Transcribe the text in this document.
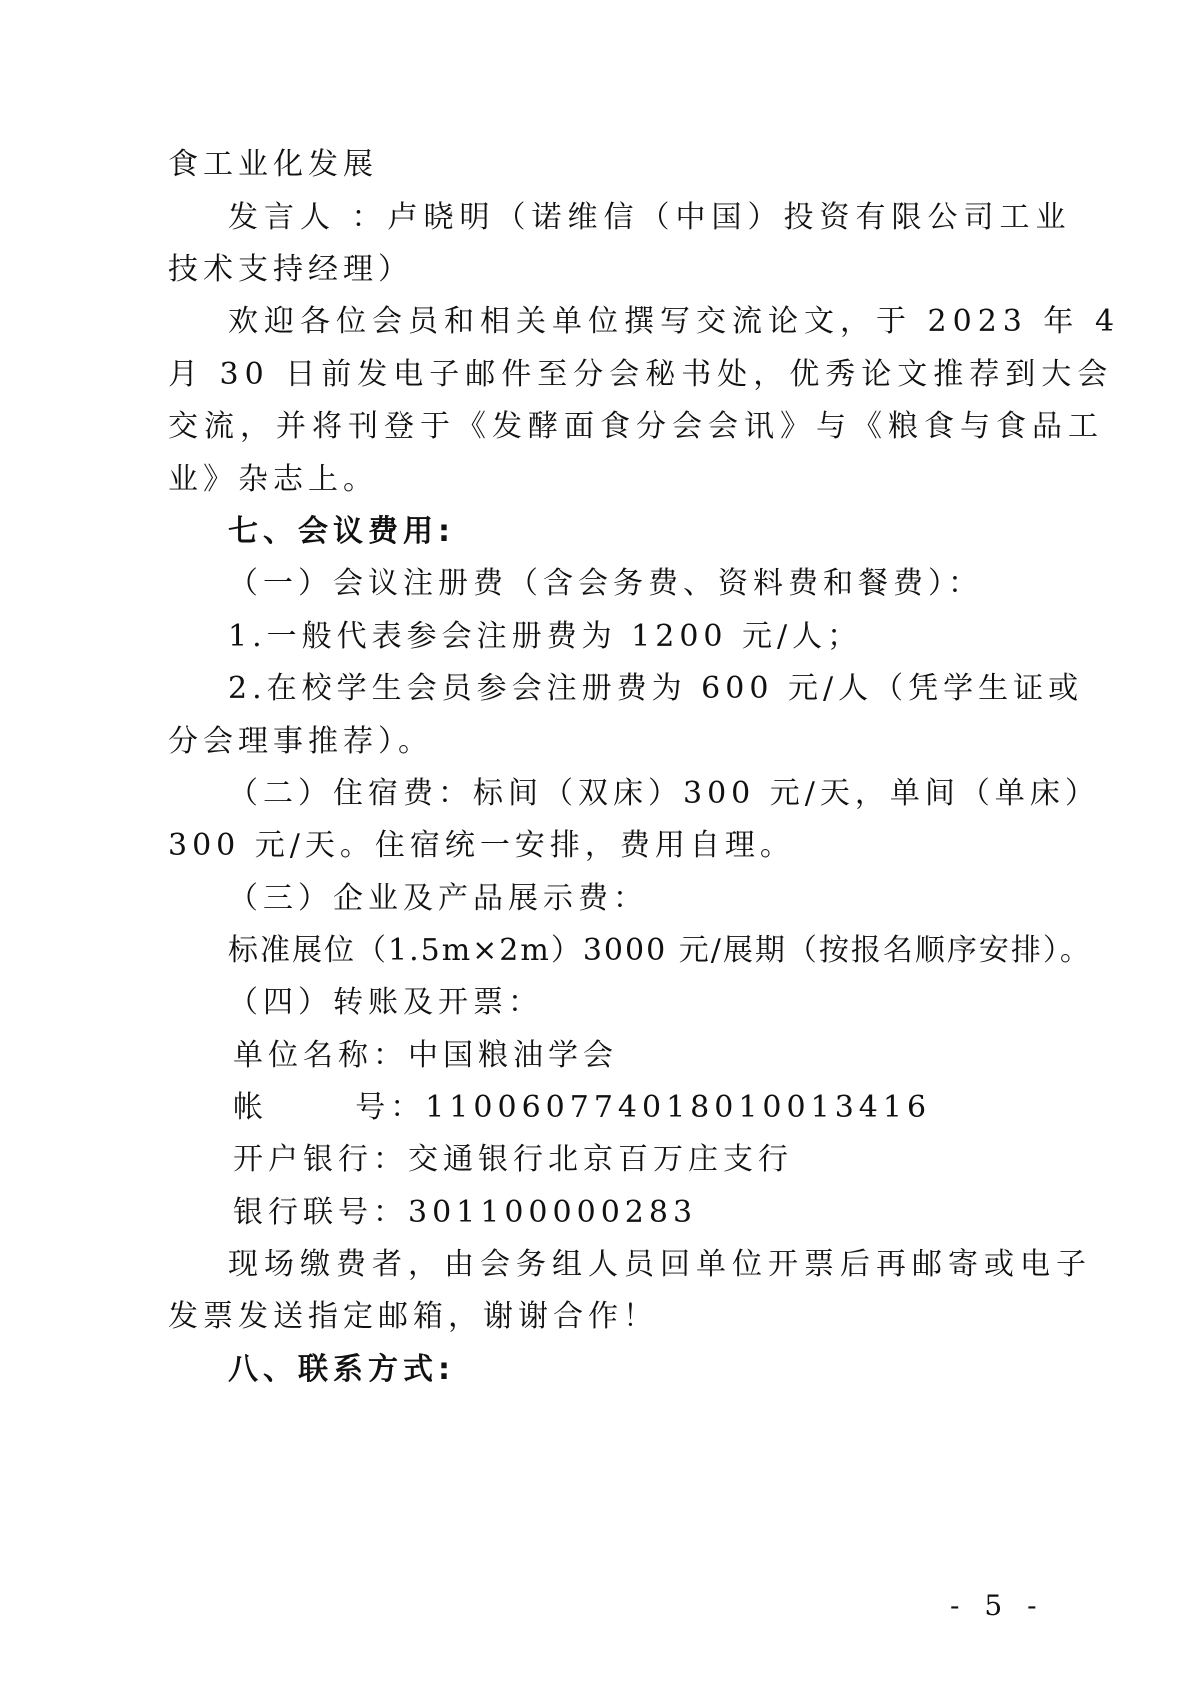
食工业化发展
发言人 ：卢晓明（诺维信（中国）投资有限公司工业
技术支持经理）
欢迎各位会员和相关单位撰写交流论文，于 2023 年 4
月 30 日前发电子邮件至分会秘书处，优秀论文推荐到大会
交流，并将刊登于《发酵面食分会会讯》与《粮食与食品工
业》杂志上。
七、会议费用:
（一）会议注册费（含会务费、资料费和餐费）：
1.一般代表参会注册费为 1200 元/人；
2.在校学生会员参会注册费为 600 元/人（凭学生证或
分会理事推荐）。
（二）住宿费：标间（双床）300 元/天，单间（单床）
300 元/天。住宿统一安排，费用自理。
（三）企业及产品展示费：
标准展位（1.5m×2m）3000 元/展期（按报名顺序安排）。
（四）转账及开票：
单位名称：中国粮油学会
帐      号：110060774018010013416
开户银行：交通银行北京百万庄支行
银行联号：301100000283
现场缴费者，由会务组人员回单位开票后再邮寄或电子
发票发送指定邮箱，谢谢合作！
八、联系方式:
- 5 -
